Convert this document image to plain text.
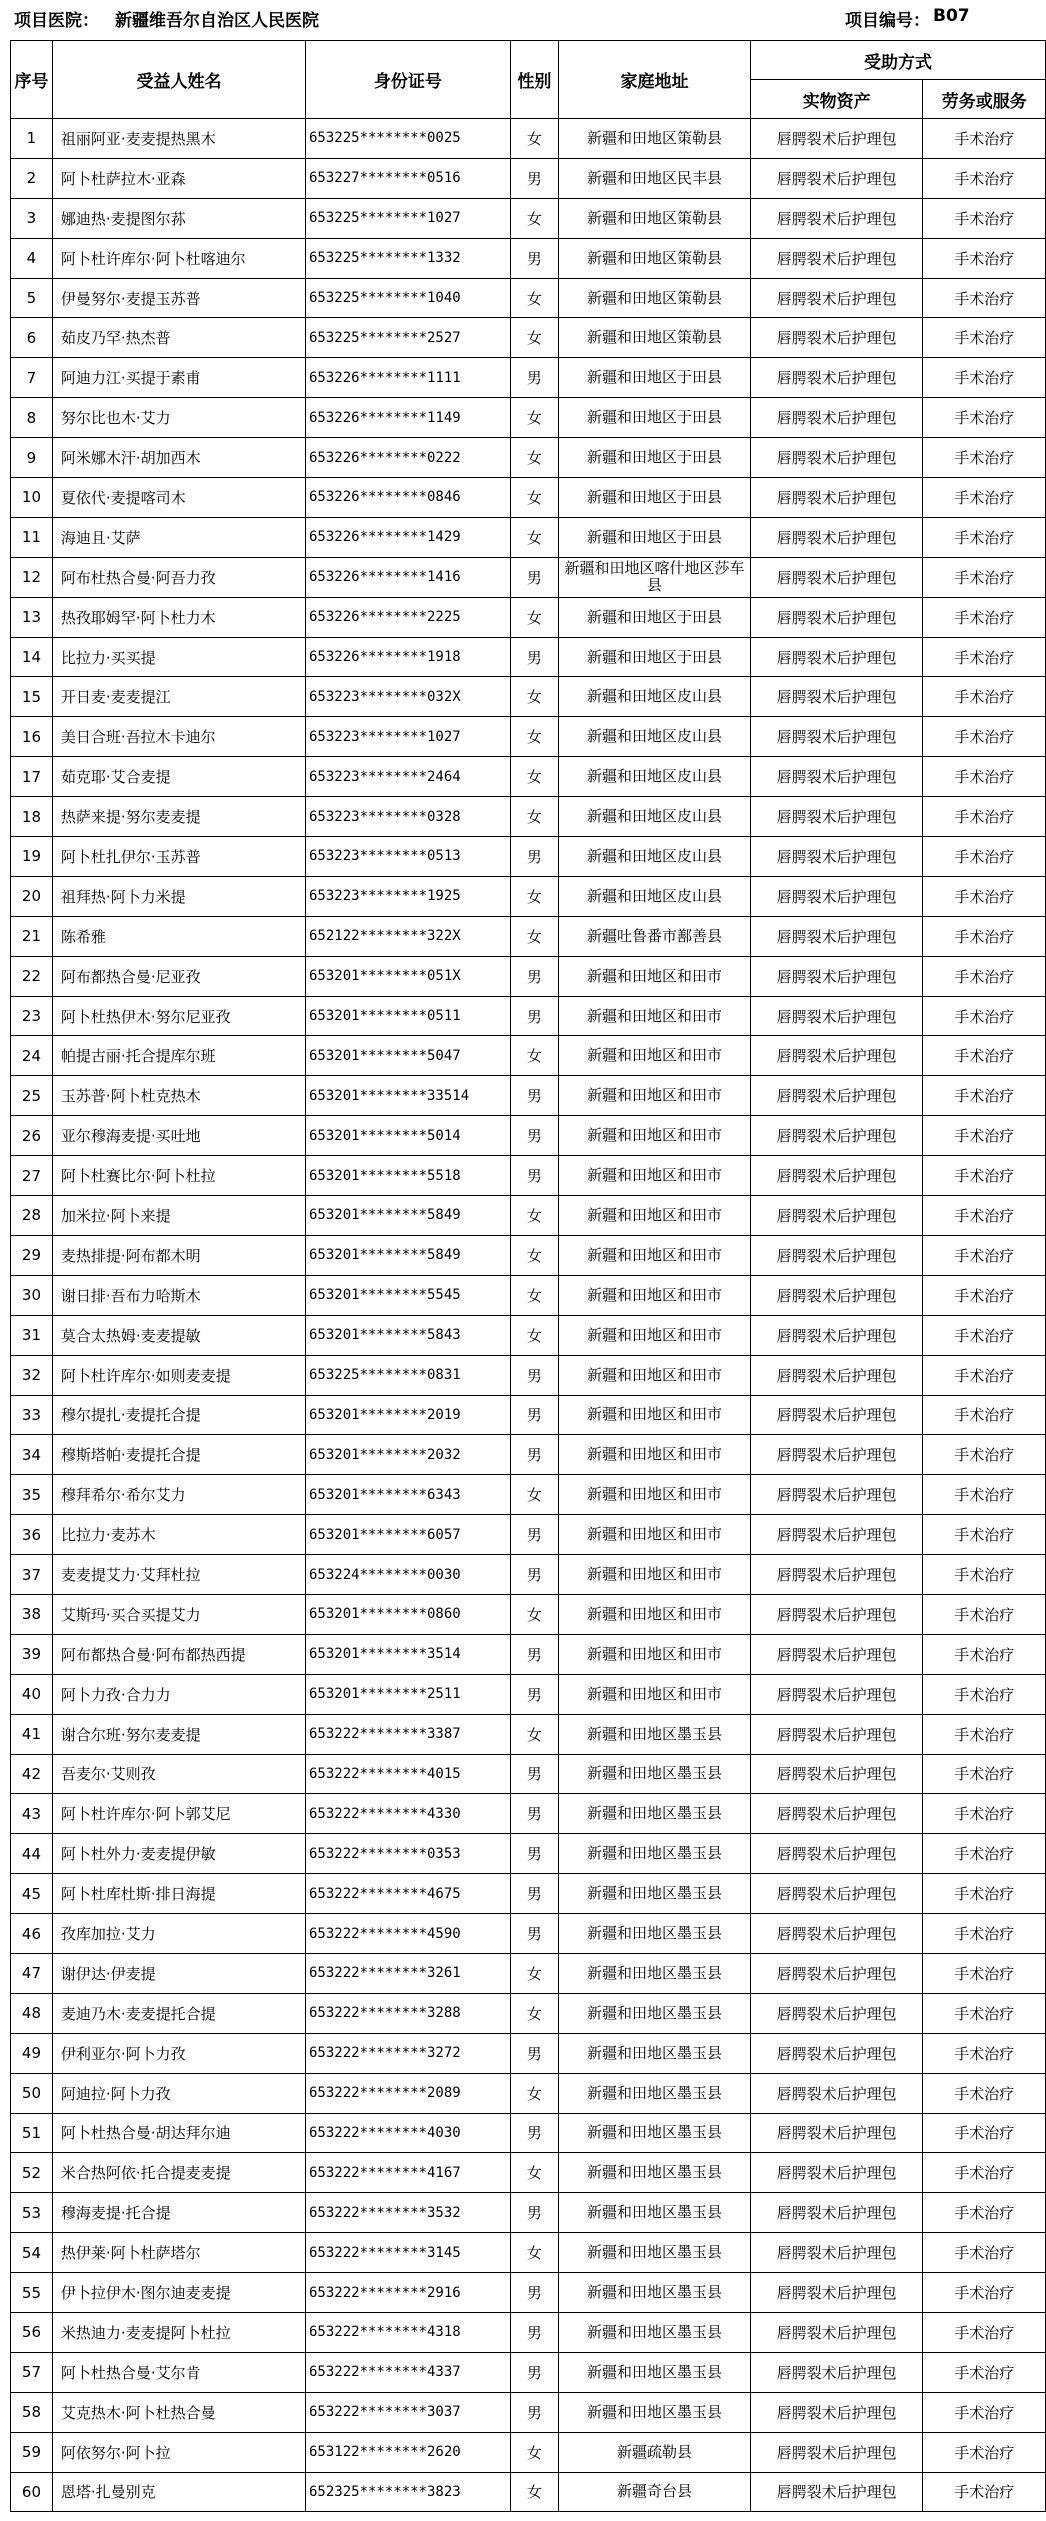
项目医院： 新疆维吾尔自治区人民医院	项目编号： B07
序号	受益人姓名	身份证号	性别	家庭地址	受助方式	
					实物资产	劳务或服务
1	祖丽阿亚·麦麦提热黑木	653225********0025	女	新疆和田地区策勒县	唇腭裂术后护理包	手术治疗
2	阿卜杜萨拉木·亚森	653227********0516	男	新疆和田地区民丰县	唇腭裂术后护理包	手术治疗
3	娜迪热·麦提图尔荪	653225********1027	女	新疆和田地区策勒县	唇腭裂术后护理包	手术治疗
4	阿卜杜许库尔·阿卜杜喀迪尔	653225********1332	男	新疆和田地区策勒县	唇腭裂术后护理包	手术治疗
5	伊曼努尔·麦提玉苏普	653225********1040	女	新疆和田地区策勒县	唇腭裂术后护理包	手术治疗
6	茹皮乃罕·热杰普	653225********2527	女	新疆和田地区策勒县	唇腭裂术后护理包	手术治疗
7	阿迪力江·买提于素甫	653226********1111	男	新疆和田地区于田县	唇腭裂术后护理包	手术治疗
8	努尔比也木·艾力	653226********1149	女	新疆和田地区于田县	唇腭裂术后护理包	手术治疗
9	阿米娜木汗·胡加西木	653226********0222	女	新疆和田地区于田县	唇腭裂术后护理包	手术治疗
10	夏依代·麦提喀司木	653226********0846	女	新疆和田地区于田县	唇腭裂术后护理包	手术治疗
11	海迪且·艾萨	653226********1429	女	新疆和田地区于田县	唇腭裂术后护理包	手术治疗
12	阿布杜热合曼·阿吾力孜	653226********1416	男	新疆和田地区喀什地区莎车县	唇腭裂术后护理包	手术治疗
13	热孜耶姆罕·阿卜杜力木	653226********2225	女	新疆和田地区于田县	唇腭裂术后护理包	手术治疗
14	比拉力·买买提	653226********1918	男	新疆和田地区于田县	唇腭裂术后护理包	手术治疗
15	开日麦·麦麦提江	653223********032X	女	新疆和田地区皮山县	唇腭裂术后护理包	手术治疗
16	美日合班·吾拉木卡迪尔	653223********1027	女	新疆和田地区皮山县	唇腭裂术后护理包	手术治疗
17	茹克耶·艾合麦提	653223********2464	女	新疆和田地区皮山县	唇腭裂术后护理包	手术治疗
18	热萨来提·努尔麦麦提	653223********0328	女	新疆和田地区皮山县	唇腭裂术后护理包	手术治疗
19	阿卜杜扎伊尔·玉苏普	653223********0513	男	新疆和田地区皮山县	唇腭裂术后护理包	手术治疗
20	祖拜热·阿卜力米提	653223********1925	女	新疆和田地区皮山县	唇腭裂术后护理包	手术治疗
21	陈希雅	652122********322X	女	新疆吐鲁番市鄯善县	唇腭裂术后护理包	手术治疗
22	阿布都热合曼·尼亚孜	653201********051X	男	新疆和田地区和田市	唇腭裂术后护理包	手术治疗
23	阿卜杜热伊木·努尔尼亚孜	653201********0511	男	新疆和田地区和田市	唇腭裂术后护理包	手术治疗
24	帕提古丽·托合提库尔班	653201********5047	女	新疆和田地区和田市	唇腭裂术后护理包	手术治疗
25	玉苏普·阿卜杜克热木	653201********33514	男	新疆和田地区和田市	唇腭裂术后护理包	手术治疗
26	亚尔穆海麦提·买吐地	653201********5014	男	新疆和田地区和田市	唇腭裂术后护理包	手术治疗
27	阿卜杜赛比尔·阿卜杜拉	653201********5518	男	新疆和田地区和田市	唇腭裂术后护理包	手术治疗
28	加米拉·阿卜来提	653201********5849	女	新疆和田地区和田市	唇腭裂术后护理包	手术治疗
29	麦热排提·阿布都木明	653201********5849	女	新疆和田地区和田市	唇腭裂术后护理包	手术治疗
30	谢日排·吾布力哈斯木	653201********5545	女	新疆和田地区和田市	唇腭裂术后护理包	手术治疗
31	莫合太热姆·麦麦提敏	653201********5843	女	新疆和田地区和田市	唇腭裂术后护理包	手术治疗
32	阿卜杜许库尔·如则麦麦提	653225********0831	男	新疆和田地区和田市	唇腭裂术后护理包	手术治疗
33	穆尔提扎·麦提托合提	653201********2019	男	新疆和田地区和田市	唇腭裂术后护理包	手术治疗
34	穆斯塔帕·麦提托合提	653201********2032	男	新疆和田地区和田市	唇腭裂术后护理包	手术治疗
35	穆拜希尔·希尔艾力	653201********6343	女	新疆和田地区和田市	唇腭裂术后护理包	手术治疗
36	比拉力·麦苏木	653201********6057	男	新疆和田地区和田市	唇腭裂术后护理包	手术治疗
37	麦麦提艾力·艾拜杜拉	653224********0030	男	新疆和田地区和田市	唇腭裂术后护理包	手术治疗
38	艾斯玛·买合买提艾力	653201********0860	女	新疆和田地区和田市	唇腭裂术后护理包	手术治疗
39	阿布都热合曼·阿布都热西提	653201********3514	男	新疆和田地区和田市	唇腭裂术后护理包	手术治疗
40	阿卜力孜·合力力	653201********2511	男	新疆和田地区和田市	唇腭裂术后护理包	手术治疗
41	谢合尔班·努尔麦麦提	653222********3387	女	新疆和田地区墨玉县	唇腭裂术后护理包	手术治疗
42	吾麦尔·艾则孜	653222********4015	男	新疆和田地区墨玉县	唇腭裂术后护理包	手术治疗
43	阿卜杜许库尔·阿卜郭艾尼	653222********4330	男	新疆和田地区墨玉县	唇腭裂术后护理包	手术治疗
44	阿卜杜外力·麦麦提伊敏	653222********0353	男	新疆和田地区墨玉县	唇腭裂术后护理包	手术治疗
45	阿卜杜库杜斯·排日海提	653222********4675	男	新疆和田地区墨玉县	唇腭裂术后护理包	手术治疗
46	孜库加拉·艾力	653222********4590	男	新疆和田地区墨玉县	唇腭裂术后护理包	手术治疗
47	谢伊达·伊麦提	653222********3261	女	新疆和田地区墨玉县	唇腭裂术后护理包	手术治疗
48	麦迪乃木·麦麦提托合提	653222********3288	女	新疆和田地区墨玉县	唇腭裂术后护理包	手术治疗
49	伊利亚尔·阿卜力孜	653222********3272	男	新疆和田地区墨玉县	唇腭裂术后护理包	手术治疗
50	阿迪拉·阿卜力孜	653222********2089	女	新疆和田地区墨玉县	唇腭裂术后护理包	手术治疗
51	阿卜杜热合曼·胡达拜尔迪	653222********4030	男	新疆和田地区墨玉县	唇腭裂术后护理包	手术治疗
52	米合热阿依·托合提麦麦提	653222********4167	女	新疆和田地区墨玉县	唇腭裂术后护理包	手术治疗
53	穆海麦提·托合提	653222********3532	男	新疆和田地区墨玉县	唇腭裂术后护理包	手术治疗
54	热伊莱·阿卜杜萨塔尔	653222********3145	女	新疆和田地区墨玉县	唇腭裂术后护理包	手术治疗
55	伊卜拉伊木·图尔迪麦麦提	653222********2916	男	新疆和田地区墨玉县	唇腭裂术后护理包	手术治疗
56	米热迪力·麦麦提阿卜杜拉	653222********4318	男	新疆和田地区墨玉县	唇腭裂术后护理包	手术治疗
57	阿卜杜热合曼·艾尔肯	653222********4337	男	新疆和田地区墨玉县	唇腭裂术后护理包	手术治疗
58	艾克热木·阿卜杜热合曼	653222********3037	男	新疆和田地区墨玉县	唇腭裂术后护理包	手术治疗
59	阿依努尔·阿卜拉	653122********2620	女	新疆疏勒县	唇腭裂术后护理包	手术治疗
60	恩塔·扎曼别克	652325********3823	女	新疆奇台县	唇腭裂术后护理包	手术治疗
